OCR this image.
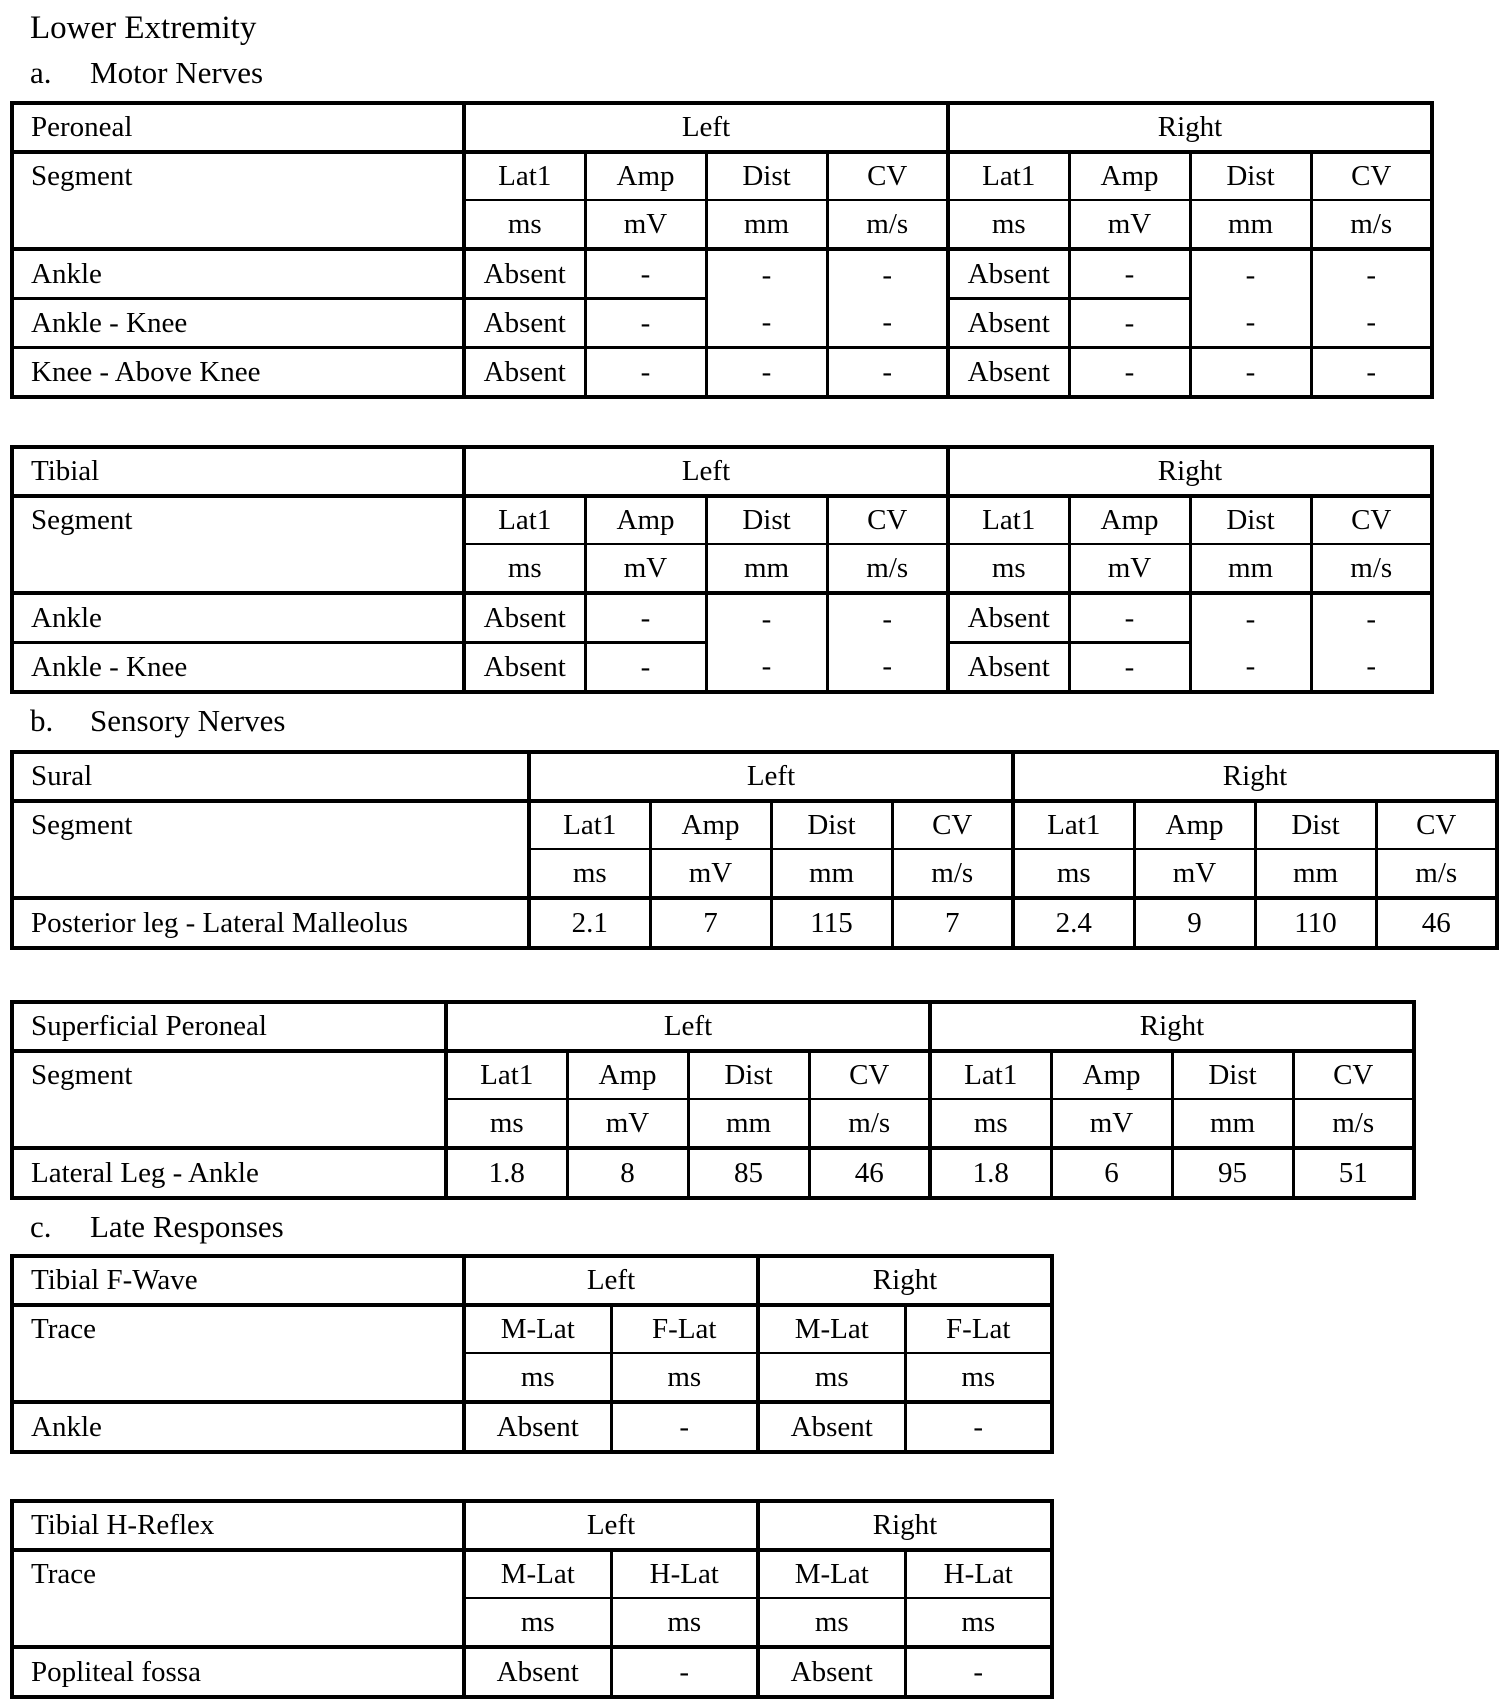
Lower Extremity
a. Motor Nerves
Peroneal	Left				Right			
Segment	Lat1	Amp	Dist	CV	Lat1	Amp	Dist	CV
	ms	mV	mm	m/s	ms	mV	mm	m/s
Ankle	Absent	-	-	-	Absent	-	-	-
Ankle - Knee	Absent	-	-	-	Absent	-	-	-
Knee - Above Knee	Absent	-	-	-	Absent	-	-	-
Tibial	Left				Right			
Segment	Lat1	Amp	Dist	CV	Lat1	Amp	Dist	CV
	ms	mV	mm	m/s	ms	mV	mm	m/s
Ankle	Absent	-	-	-	Absent	-	-	-
Ankle - Knee	Absent	-	-	-	Absent	-	-	-
b. Sensory Nerves
Sural	Left				Right			
Segment	Lat1	Amp	Dist	CV	Lat1	Amp	Dist	CV
	ms	mV	mm	m/s	ms	mV	mm	m/s
Posterior leg - Lateral Malleolus	2.1	7	115	7	2.4	9	110	46
Superficial Peroneal	Left				Right			
Segment	Lat1	Amp	Dist	CV	Lat1	Amp	Dist	CV
	ms	mV	mm	m/s	ms	mV	mm	m/s
Lateral Leg - Ankle	1.8	8	85	46	1.8	6	95	51
c. Late Responses
Tibial F-Wave	Left		Right	
Trace	M-Lat	F-Lat	M-Lat	F-Lat
	ms	ms	ms	ms
Ankle	Absent	-	Absent	-
Tibial H-Reflex	Left		Right	
Trace	M-Lat	H-Lat	M-Lat	H-Lat
	ms	ms	ms	ms
Popliteal fossa	Absent	-	Absent	-
